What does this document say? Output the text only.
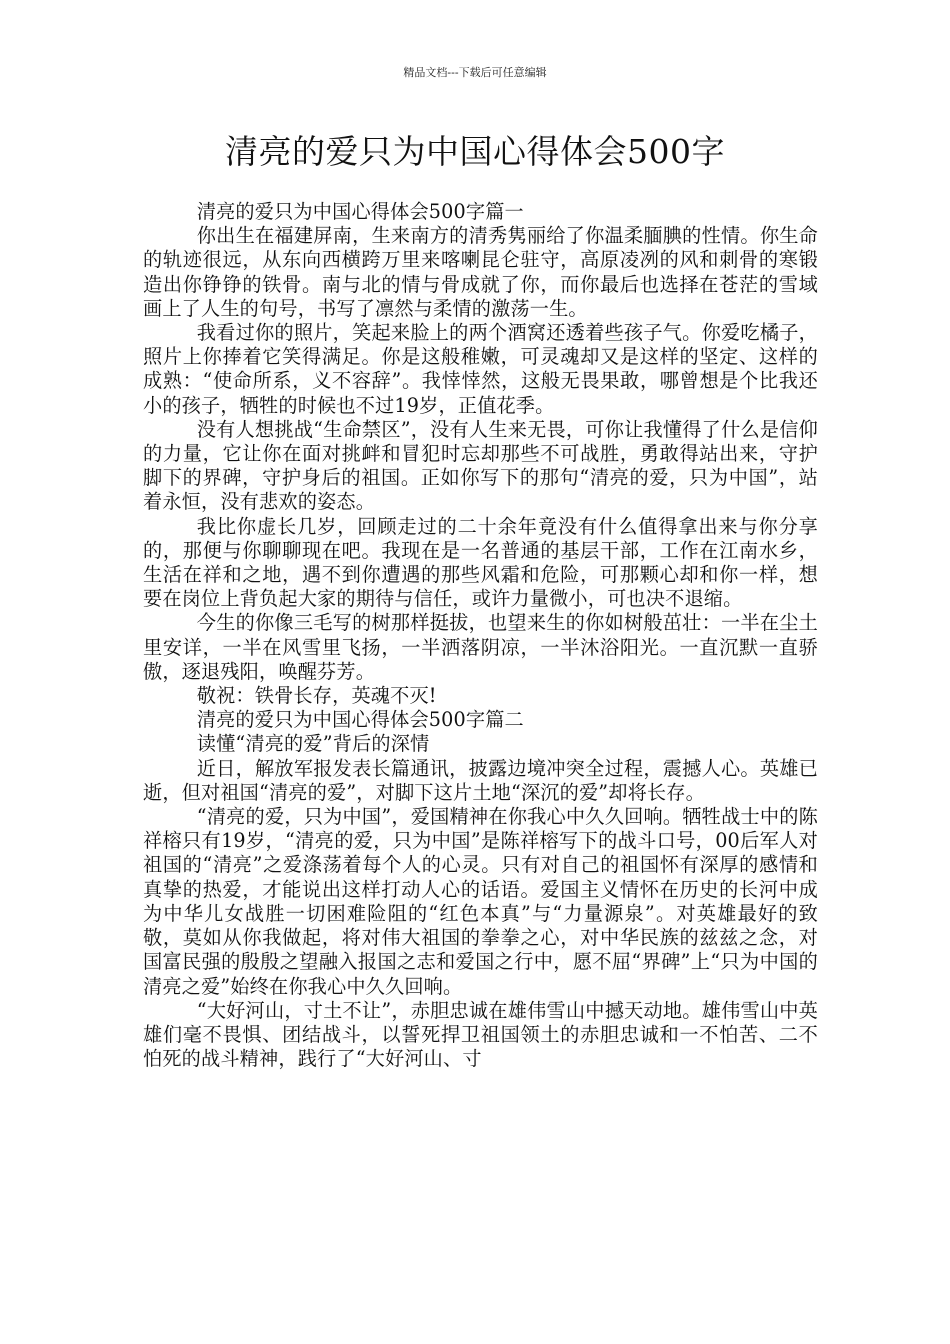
精品文档---下载后可任意编辑
清亮的爱只为中国心得体会500字

清亮的爱只为中国心得体会500字篇一

你出生在福建屏南，生来南方的清秀隽丽给了你温柔腼腆的性情。你生命的轨迹很远，从东向西横跨万里来喀喇昆仑驻守，高原凌冽的风和刺骨的寒锻造出你铮铮的铁骨。南与北的情与骨成就了你，而你最后也选择在苍茫的雪域画上了人生的句号，书写了凛然与柔情的激荡一生。

我看过你的照片，笑起来脸上的两个酒窝还透着些孩子气。你爱吃橘子，照片上你捧着它笑得满足。你是这般稚嫩，可灵魂却又是这样的坚定、这样的成熟：“使命所系，义不容辞”。我悻悻然，这般无畏果敢，哪曾想是个比我还小的孩子，牺牲的时候也不过19岁，正值花季。

没有人想挑战“生命禁区”，没有人生来无畏，可你让我懂得了什么是信仰的力量，它让你在面对挑衅和冒犯时忘却那些不可战胜，勇敢得站出来，守护脚下的界碑，守护身后的祖国。正如你写下的那句“清亮的爱，只为中国”，站着永恒，没有悲欢的姿态。

我比你虚长几岁，回顾走过的二十余年竟没有什么值得拿出来与你分享的，那便与你聊聊现在吧。我现在是一名普通的基层干部，工作在江南水乡，生活在祥和之地，遇不到你遭遇的那些风霜和危险，可那颗心却和你一样，想要在岗位上背负起大家的期待与信任，或许力量微小，可也决不退缩。

今生的你像三毛写的树那样挺拔，也望来生的你如树般茁壮：一半在尘土里安详，一半在风雪里飞扬，一半洒落阴凉，一半沐浴阳光。一直沉默一直骄傲，逐退残阳，唤醒芬芳。

敬祝：铁骨长存，英魂不灭!

清亮的爱只为中国心得体会500字篇二

读懂“清亮的爱”背后的深情

近日，解放军报发表长篇通讯，披露边境冲突全过程，震撼人心。英雄已逝，但对祖国“清亮的爱”，对脚下这片土地“深沉的爱”却将长存。

“清亮的爱，只为中国”，爱国精神在你我心中久久回响。牺牲战士中的陈祥榕只有19岁，“清亮的爱，只为中国”是陈祥榕写下的战斗口号，00后军人对祖国的“清亮”之爱涤荡着每个人的心灵。只有对自己的祖国怀有深厚的感情和真挚的热爱，才能说出这样打动人心的话语。爱国主义情怀在历史的长河中成为中华儿女战胜一切困难险阻的“红色本真”与“力量源泉”。对英雄最好的致敬，莫如从你我做起，将对伟大祖国的拳拳之心，对中华民族的兹兹之念，对国富民强的殷殷之望融入报国之志和爱国之行中，愿不屈“界碑”上“只为中国的清亮之爱”始终在你我心中久久回响。

“大好河山，寸土不让”，赤胆忠诚在雄伟雪山中撼天动地。雄伟雪山中英雄们毫不畏惧、团结战斗，以誓死捍卫祖国领土的赤胆忠诚和一不怕苦、二不怕死的战斗精神，践行了“大好河山、寸
